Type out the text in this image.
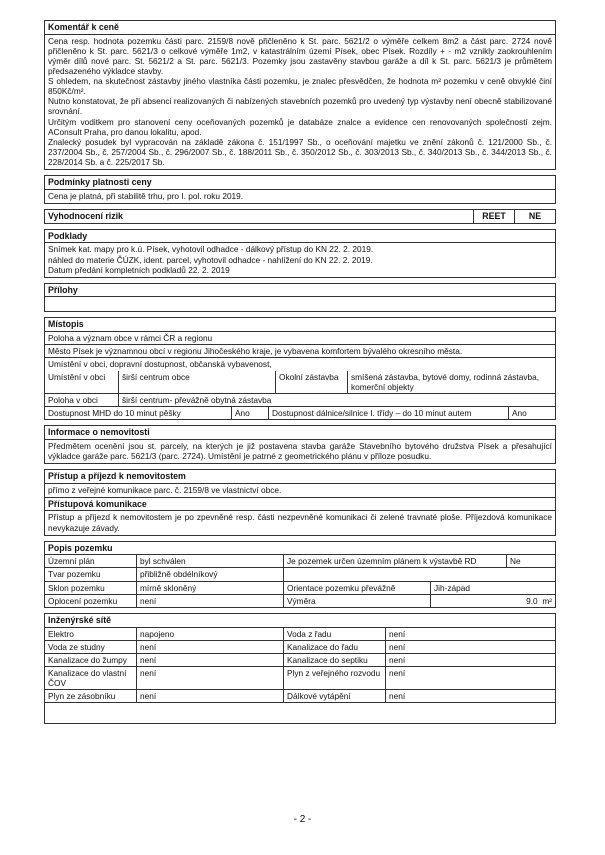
Komentář k ceně

Cena resp. hodnota pozemku části parc. 2159/8 nově přičleněno k St. parc. 5621/2 o výměře celkem 8m2 a část parc. 2724 nově přičleněno k St. parc. 5621/3 o celkové výměře 1m2, v katastrálním území Písek, obec Písek. Rozdíly + - m2 vznikly zaokrouhlením výměr dílů nové parc. St. 5621/2 a St. parc. 5621/3. Pozemky jsou zastavěny stavbou garáže a díl k St. parc. 5621/3 je průmětem předsazeného výkladce stavby.

S ohledem, na skutečnost zástavby jiného vlastníka části pozemku, je znalec přesvědčen, že hodnota m² pozemku v ceně obvyklé činí 850Kč/m².

Nutno konstatovat, že při absenci realizovaných či nabízených stavebních pozemků pro uvedený typ výstavby není obecně stabilizované srovnání.

Určitým voditkem pro stanovení ceny oceňovaných pozemků je databáze znalce a evidence cen renovovaných společností zejm. AConsult Praha, pro danou lokalitu, apod.

Znalecký posudek byl vypracován na základě zákona č. 151/1997 Sb., o oceňování majetku ve znění zákonů č. 121/2000 Sb., č. 237/2004 Sb., č. 257/2004 Sb., č. 296/2007 Sb., č. 188/2011 Sb., č. 350/2012 Sb., č. 303/2013 Sb., č. 340/2013 Sb., č. 344/2013 Sb., č. 228/2014 Sb. a č. 225/2017 Sb.

Podmínky platnosti ceny

Cena je platná, při stabilitě trhu, pro I. pol. roku 2019.

Vyhodnocení rizik	REET	NE
Podklady

Snímek kat. mapy pro k.ú. Písek, vyhotovil odhadce - dálkový přístup do KN 22. 2. 2019.

náhled do materie ČÚZK, ident. parcel, vyhotovil odhadce - nahlížení do KN 22. 2. 2019.

Datum předání kompletních podkladů 22. 2. 2019

Přílohy
Místopis
Poloha a význam obce v rámci ČR a regionu
Město Písek je významnou obcí v regionu Jihočeského kraje, je vybavena komfortem bývalého okresního města.
Umístění v obci, dopravní dostupnost, občanská vybavenost,
Umístění v obci	širší centrum obce	Okolní zástavba	smíšená zástavba, bytové domy, rodinná zástavba, komerční objekty
Poloha v obci	širší centrum- převážně obytná zástavba		
Dostupnost MHD do 10 minut pěšky	Ano	Dostupnost dálnice/silnice I. třídy – do 10 minut autem	Ano
Informace o nemovitosti

Předmětem ocenění jsou st. parcely, na kterých je již postavena stavba garáže Stavebního bytového družstva Písek a přesahující výkladce garáže parc. 5621/3 (parc. 2724). Umístění je patrné z geometrického plánu v příloze posudku.

Přístup a příjezd k nemovitostem

přímo z veřejné komunikace parc. č. 2159/8 ve vlastnictví obce.

Přístupová komunikace

Přístup a příjezd k nemovitostem je po zpevněné resp. části nezpevněné komunikaci či zelené travnaté ploše. Příjezdová komunikace nevykazuje závady.

Popis pozemku
Územní plán	byl schválen	Je pozemek určen územním plánem k výstavbě RD		Ne
Tvar pozemku	přibližně obdélníkový			
Sklon pozemku	mírně skloněný	Orientace pozemku převážně	Jih-západ	
Oplocení pozemku	není	Výměra	9.0 m²	
Inženýrské sítě
Elektro	napojeno	Voda z řadu	není
Voda ze studny	není	Kanalizace do řadu	není
Kanalizace do žumpy	není	Kanalizace do septiku	není
Kanalizace do vlastní ČOV	není	Plyn z veřejného rozvodu	není
Plyn ze zásobníku	není	Dálkové vytápění	není
- 2 -
